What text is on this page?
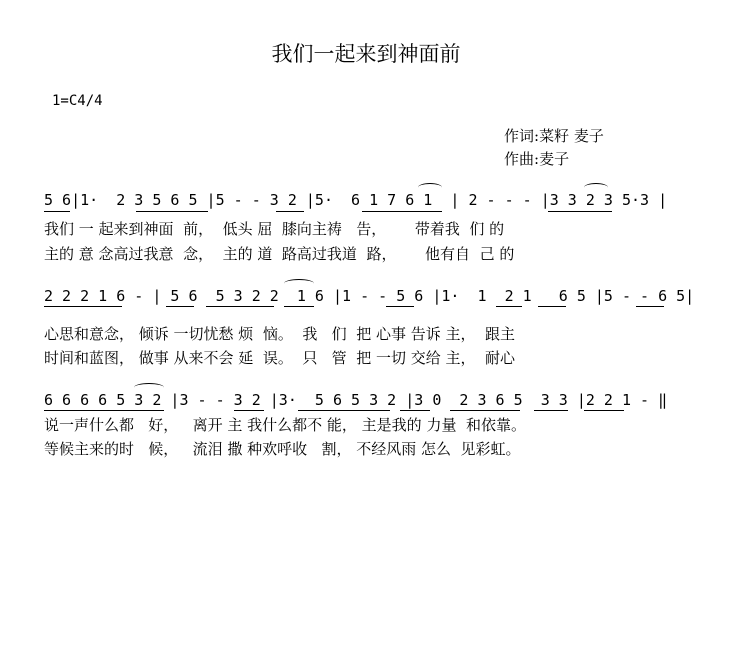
我们一起来到神面前
1=C4/4
作词:菜籽 麦子
作曲:麦子
5 6|1·  2 3 5 6 5 |5 - - 3 2 |5·  6 1 7 6 1  | 2 - - - |3 3 2 3 5·3 |
我们 一 起来到神面  前，  低头 屈  膝向主祷   告，      带着我  们 的
主的 意 念高过我意  念，  主的 道  路高过我道  路，      他有自  己 的
2 2 2 1 6 - | 5 6  5 3 2 2  1 6 |1 - - 5 6 |1·  1  2 1   6 5 |5 - - 6 5|
心思和意念， 倾诉 一切忧愁 烦  恼。  我   们  把 心事 告诉 主，  跟主
时间和蓝图， 做事 从来不会 延  误。  只   管  把 一切 交给 主，  耐心
6 6 6 6 5 3 2 |3 - - 3 2 |3·  5 6 5 3 2 |3 0  2 3 6 5  3 3 |2 2 1 - ‖
说一声什么都   好，   离开 主 我什么都不 能， 主是我的 力量  和依靠。
等候主来的时   候，   流泪 撒 种欢呼收   割， 不经风雨 怎么  见彩虹。
